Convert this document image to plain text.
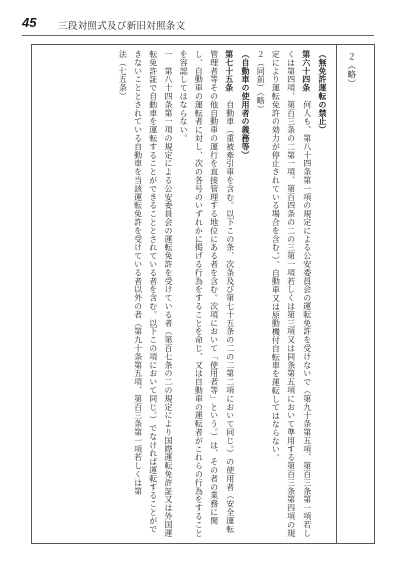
45 三段対照式及び新旧対照条文
２（略）

（無免許運転の禁止）

第六十四条　何人も、第八十四条第一項の規定による公安委員会の運転免許を受けないで（第九十条第五項、第百三条第一項若しくは第四項、第百三条の二第一項、第百四条の二の三第一項若しくは第三項又は同条第五項において準用する第百三条第四項の規定により運転免許の効力が停止されている場合を含む。）、自動車又は原動機付自転車を運転してはならない。

２（同前）（略）

（自動車の使用者の義務等）

第七十五条　自動車（重被牽引車を含む。以下この条、次条及び第七十五条の二の二第二項において同じ。）の使用者（安全運転管理者等その他自動車の運行を直接管理する地位にある者を含む。次項において「使用者等」という。）は、その者の業務に関し、自動車の運転者に対し、次の各号のいずれかに掲げる行為をすることを命じ、又は自動車の運転者がこれらの行為をすることを容認してはならない。

一　第八十四条第一項の規定による公安委員会の運転免許を受けている者（第百七条の二の規定により国際運転免許証又は外国運転免許証で自動車を運転することができることとされている者を含む。以下この項において同じ。）でなければ運転することができないこととされている自動車を当該運転免許を受けている者以外の者（第九十条第五項、第百三条第一項若しくは第

法（七五条）
